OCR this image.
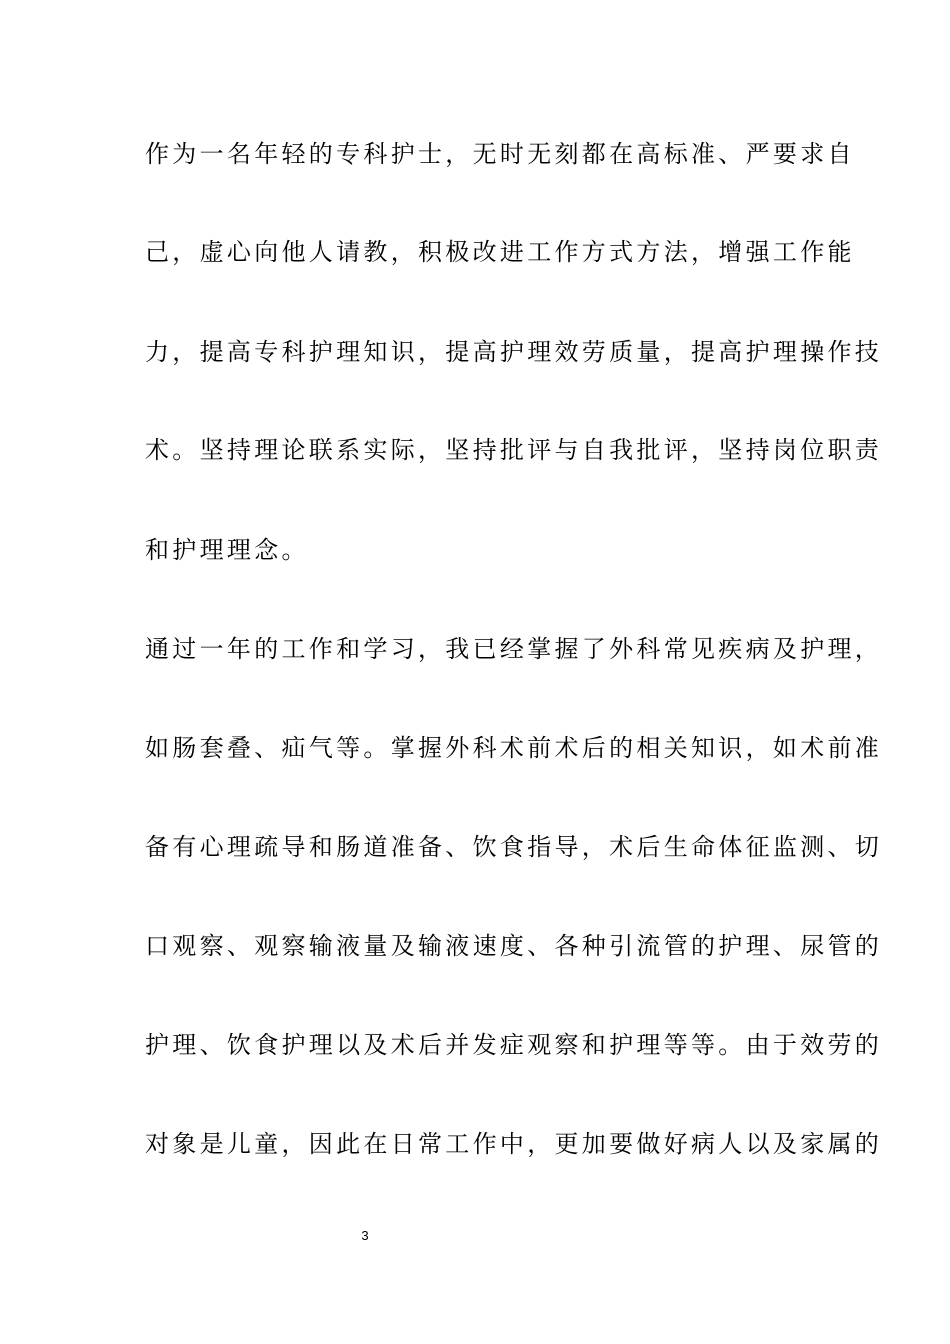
作为一名年轻的专科护士，无时无刻都在高标准、严要求自
己，虚心向他人请教，积极改进工作方式方法，增强工作能
力，提高专科护理知识，提高护理效劳质量，提高护理操作技
术。坚持理论联系实际，坚持批评与自我批评，坚持岗位职责
和护理理念。
通过一年的工作和学习，我已经掌握了外科常见疾病及护理，
如肠套叠、疝气等。掌握外科术前术后的相关知识，如术前准
备有心理疏导和肠道准备、饮食指导，术后生命体征监测、切
口观察、观察输液量及输液速度、各种引流管的护理、尿管的
护理、饮食护理以及术后并发症观察和护理等等。由于效劳的
对象是儿童，因此在日常工作中，更加要做好病人以及家属的
3
